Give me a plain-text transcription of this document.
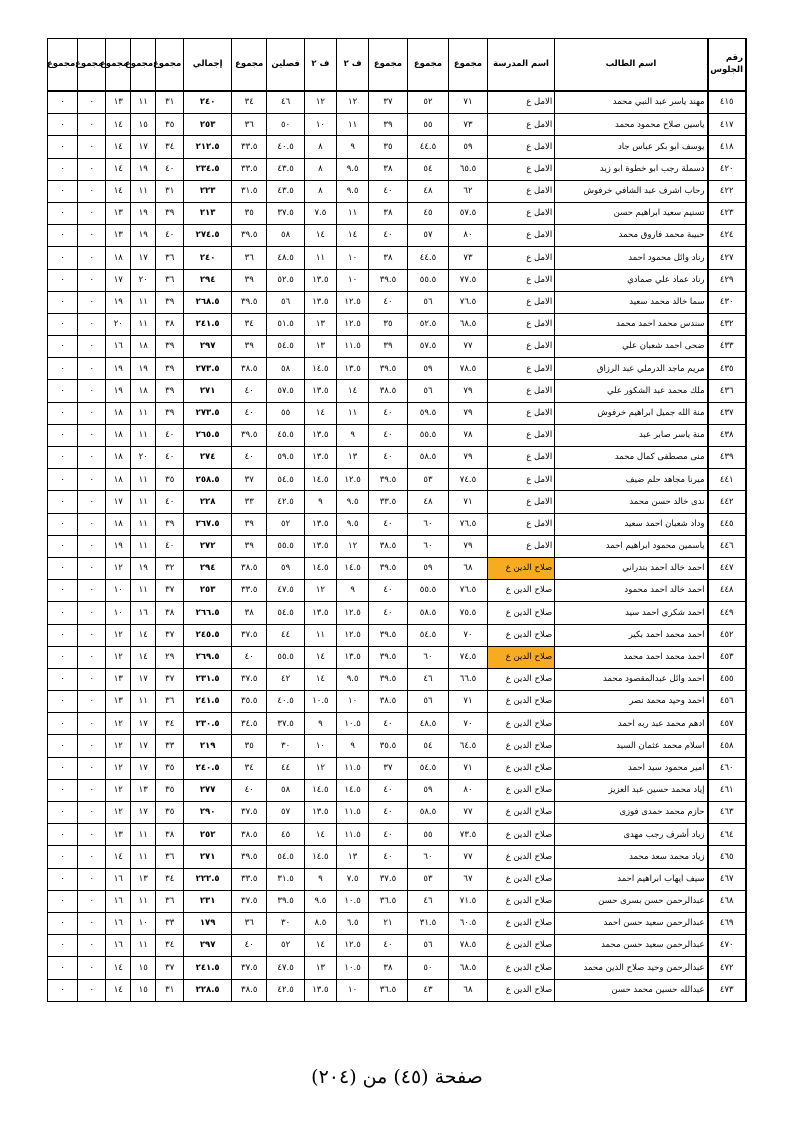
رقم الجلوس	اسم الطالب	اسم المدرسة	مجموع	مجموع	مجموع	ف ٢	ف ٢	فصلين	مجموع	إجمالي	مجموع	مجموع	مجموع	مجموع	مجموع
٤١٥	مهند ياسر عبد النبي محمد	الامل ع	٧١	٥٢	٣٧	١٢	١٢	٤٦	٣٤	٢٤٠	٣١	١١	١٣	٠	٠
٤١٧	ياسين صلاح محمود محمد	الامل ع	٧٣	٥٥	٣٩	١١	١٠	٥٠	٣٦	٢٥٣	٣٥	١٥	١٤	٠	٠
٤١٨	يوسف ابو بكر عباس جاد	الامل ع	٥٩	٤٤.٥	٣٥	٩	٨	٤٠.٥	٣٣.٥	٢١٢.٥	٣٤	١٧	١٤	٠	٠
٤٢٠	دسملة رجب ابو خطوة ابو زيد	الامل ع	٦٥.٥	٥٤	٣٨	٩.٥	٨	٤٣.٥	٣٣.٥	٢٣٤.٥	٤٠	١٩	١٤	٠	٠
٤٢٢	رحاب اشرف عبد الشافي خرفوش	الامل ع	٦٢	٤٨	٤٠	٩.٥	٨	٤٣.٥	٣١.٥	٢٢٣	٣١	١١	١٤	٠	٠
٤٢٣	تسنيم سعيد ابراهيم حسن	الامل ع	٥٧.٥	٤٥	٣٨	١١	٧.٥	٣٧.٥	٣٥	٢١٣	٣٩	١٩	١٣	٠	٠
٤٢٤	حبيبة محمد فاروق محمد	الامل ع	٨٠	٥٧	٤٠	١٤	١٤	٥٨	٣٩.٥	٢٧٤.٥	٤٠	١٩	١٣	٠	٠
٤٢٧	رناد وائل محمود احمد	الامل ع	٧٣	٤٤.٥	٣٨	١٠	١١	٤٨.٥	٣٦	٢٤٠	٣٦	١٧	١٨	٠	٠
٤٢٩	رناد عماد علي صمادي	الامل ع	٧٧.٥	٥٥.٥	٣٩.٥	١٠	١٣.٥	٥٢.٥	٣٩	٢٩٤	٣٦	٢٠	١٧	٠	٠
٤٣٠	سما خالد محمد سعيد	الامل ع	٧٦.٥	٥٦	٤٠	١٢.٥	١٣.٥	٥٦	٣٩.٥	٢٦٨.٥	٣٩	١١	١٩	٠	٠
٤٣٢	سندس محمد احمد محمد	الامل ع	٦٨.٥	٥٢.٥	٣٥	١٢.٥	١٣	٥١.٥	٣٤	٢٤١.٥	٣٨	١١	٢٠	٠	٠
٤٣٣	ضحى احمد شعبان علي	الامل ع	٧٧	٥٧.٥	٣٩	١١.٥	١٣	٥٤.٥	٣٩	٢٩٧	٣٩	١٨	١٦	٠	٠
٤٣٥	مريم ماجد الدرملي عبد الرزاق	الامل ع	٧٨.٥	٥٩	٣٩.٥	١٣.٥	١٤.٥	٥٨	٣٨.٥	٢٧٣.٥	٣٩	١٩	١٩	٠	٠
٤٣٦	ملك محمد عبد الشكور علي	الامل ع	٧٩	٥٦	٣٨.٥	١٤	١٣.٥	٥٧.٥	٤٠	٢٧١	٣٩	١٨	١٩	٠	٠
٤٣٧	منة الله جميل ابراهيم خرفوش	الامل ع	٧٩	٥٩.٥	٤٠	١١	١٤	٥٥	٤٠	٢٧٣.٥	٣٩	١١	١٨	٠	٠
٤٣٨	منة ياسر صابر عبد	الامل ع	٧٨	٥٥.٥	٤٠	٩	١٣.٥	٤٥.٥	٣٩.٥	٢٦٥.٥	٤٠	١١	١٨	٠	٠
٤٣٩	منى مصطفى كمال محمد	الامل ع	٧٩	٥٨.٥	٤٠	١٣	١٣.٥	٥٩.٥	٤٠	٢٧٤	٤٠	٢٠	١٨	٠	٠
٤٤١	ميرنا مجاهد حلم ضيف	الامل ع	٧٤.٥	٥٣	٣٩.٥	١٢.٥	١٤.٥	٥٤.٥	٣٧	٢٥٨.٥	٣٥	١١	١٨	٠	٠
٤٤٢	ندى خالد حسن محمد	الامل ع	٧١	٤٨	٣٣.٥	٩.٥	٩	٤٢.٥	٣٣	٢٢٨	٤٠	١١	١٧	٠	٠
٤٤٥	وداد شعبان احمد سعيد	الامل ع	٧٦.٥	٦٠	٤٠	٩.٥	١٣.٥	٥٢	٣٩	٢٦٧.٥	٣٩	١١	١٨	٠	٠
٤٤٦	ياسمين محمود ابراهيم احمد	الامل ع	٧٩	٦٠	٣٨.٥	١٢	١٣.٥	٥٥.٥	٣٩	٢٧٢	٤٠	١١	١٩	٠	٠
٤٤٧	احمد خالد احمد بندراني	صلاح الدين ع	٦٨	٥٩	٣٩.٥	١٤.٥	١٤.٥	٥٩	٣٨.٥	٢٩٤	٣٢	١٩	١٢	٠	٠
٤٤٨	احمد خالد احمد محمود	صلاح الدين ع	٧٦.٥	٥٥.٥	٤٠	٩	١٢	٤٧.٥	٣٣.٥	٢٥٣	٣٧	١١	١٠	٠	٠
٤٤٩	احمد شكري احمد سيد	صلاح الدين ع	٧٥.٥	٥٨.٥	٤٠	١٢.٥	١٣.٥	٥٤.٥	٣٨	٢٦٦.٥	٣٨	١٦	١٠	٠	٠
٤٥٢	احمد محمد احمد بكير	صلاح الدين ع	٧٠	٥٤.٥	٣٩.٥	١٢.٥	١١	٤٤	٣٧.٥	٢٤٥.٥	٣٧	١٤	١٢	٠	٠
٤٥٣	احمد محمد احمد محمد	صلاح الدين ع	٧٤.٥	٦٠	٣٩.٥	١٣.٥	١٤	٥٥.٥	٤٠	٢٦٩.٥	٢٩	١٤	١٢	٠	٠
٤٥٥	احمد وائل عبدالمقصود محمد	صلاح الدين ع	٦٦.٥	٤٦	٣٩.٥	٩.٥	١٤	٤٢	٣٧.٥	٢٣١.٥	٣٧	١٧	١٣	٠	٠
٤٥٦	احمد وحيد محمد نصر	صلاح الدين ع	٧١	٥٦	٣٨.٥	١٠	١٠.٥	٤٠.٥	٣٥.٥	٢٤١.٥	٣٦	١١	١٣	٠	٠
٤٥٧	ادهم محمد عبد ربه احمد	صلاح الدين ع	٧٠	٤٨.٥	٤٠	١٠.٥	٩	٣٧.٥	٣٤.٥	٢٣٠.٥	٣٤	١٧	١٢	٠	٠
٤٥٨	اسلام محمد عثمان السيد	صلاح الدين ع	٦٤.٥	٥٤	٣٥.٥	٩	١٠	٣٠	٣٥	٢١٩	٣٣	١٧	١٢	٠	٠
٤٦٠	امير محمود سيد احمد	صلاح الدين ع	٧١	٥٤.٥	٣٧	١١.٥	١٢	٤٤	٣٤	٢٤٠.٥	٣٥	١٧	١٢	٠	٠
٤٦١	إياد محمد حسين عبد العزيز	صلاح الدين ع	٨٠	٥٩	٤٠	١٤.٥	١٤.٥	٥٨	٤٠	٢٧٧	٣٥	١٣	١٢	٠	٠
٤٦٣	حازم محمد حمدى فوزى	صلاح الدين ع	٧٧	٥٨.٥	٤٠	١١.٥	١٣.٥	٥٧	٣٧.٥	٢٩٠	٣٥	١٧	١٢	٠	٠
٤٦٤	زياد أشرف رجب مهدى	صلاح الدين ع	٧٣.٥	٥٥	٤٠	١١.٥	١٤	٤٥	٣٨.٥	٢٥٢	٣٨	١١	١٣	٠	٠
٤٦٥	زياد محمد سعد محمد	صلاح الدين ع	٧٧	٦٠	٤٠	١٣	١٤.٥	٥٤.٥	٣٩.٥	٢٧١	٣٦	١١	١٤	٠	٠
٤٦٧	سيف ايهاب ابراهيم احمد	صلاح الدين ع	٦٧	٥٣	٣٧.٥	٧.٥	٩	٣١.٥	٣٣.٥	٢٢٢.٥	٣٤	١٣	١٦	٠	٠
٤٦٨	عبدالرحمن حسن بسرى حسن	صلاح الدين ع	٧١.٥	٤٦	٣٦.٥	١٠.٥	٩.٥	٣٩.٥	٣٧.٥	٢٣١	٣٦	١١	١٦	٠	٠
٤٦٩	عبدالرحمن سعيد حسن احمد	صلاح الدين ع	٦٠.٥	٣١.٥	٢١	٦.٥	٨.٥	٣٠	٣٦	١٧٩	٣٣	١٠	١٦	٠	٠
٤٧٠	عبدالرحمن سعيد حسن محمد	صلاح الدين ع	٧٨.٥	٥٦	٤٠	١٢.٥	١٤	٥٢	٤٠	٢٩٧	٣٤	١١	١٦	٠	٠
٤٧٢	عبدالرحمن وحيد صلاح الدين محمد	صلاح الدين ع	٦٨.٥	٥٠	٣٨	١٠.٥	١٣	٤٧.٥	٣٧.٥	٢٤١.٥	٣٧	١٥	١٤	٠	٠
٤٧٣	عبدالله حسين محمد حسن	صلاح الدين ع	٦٨	٤٣	٣٦.٥	١٠	١٣.٥	٤٢.٥	٣٨.٥	٢٢٨.٥	٣١	١٥	١٤	٠	٠
صفحة (٤٥) من (٢٠٤)
